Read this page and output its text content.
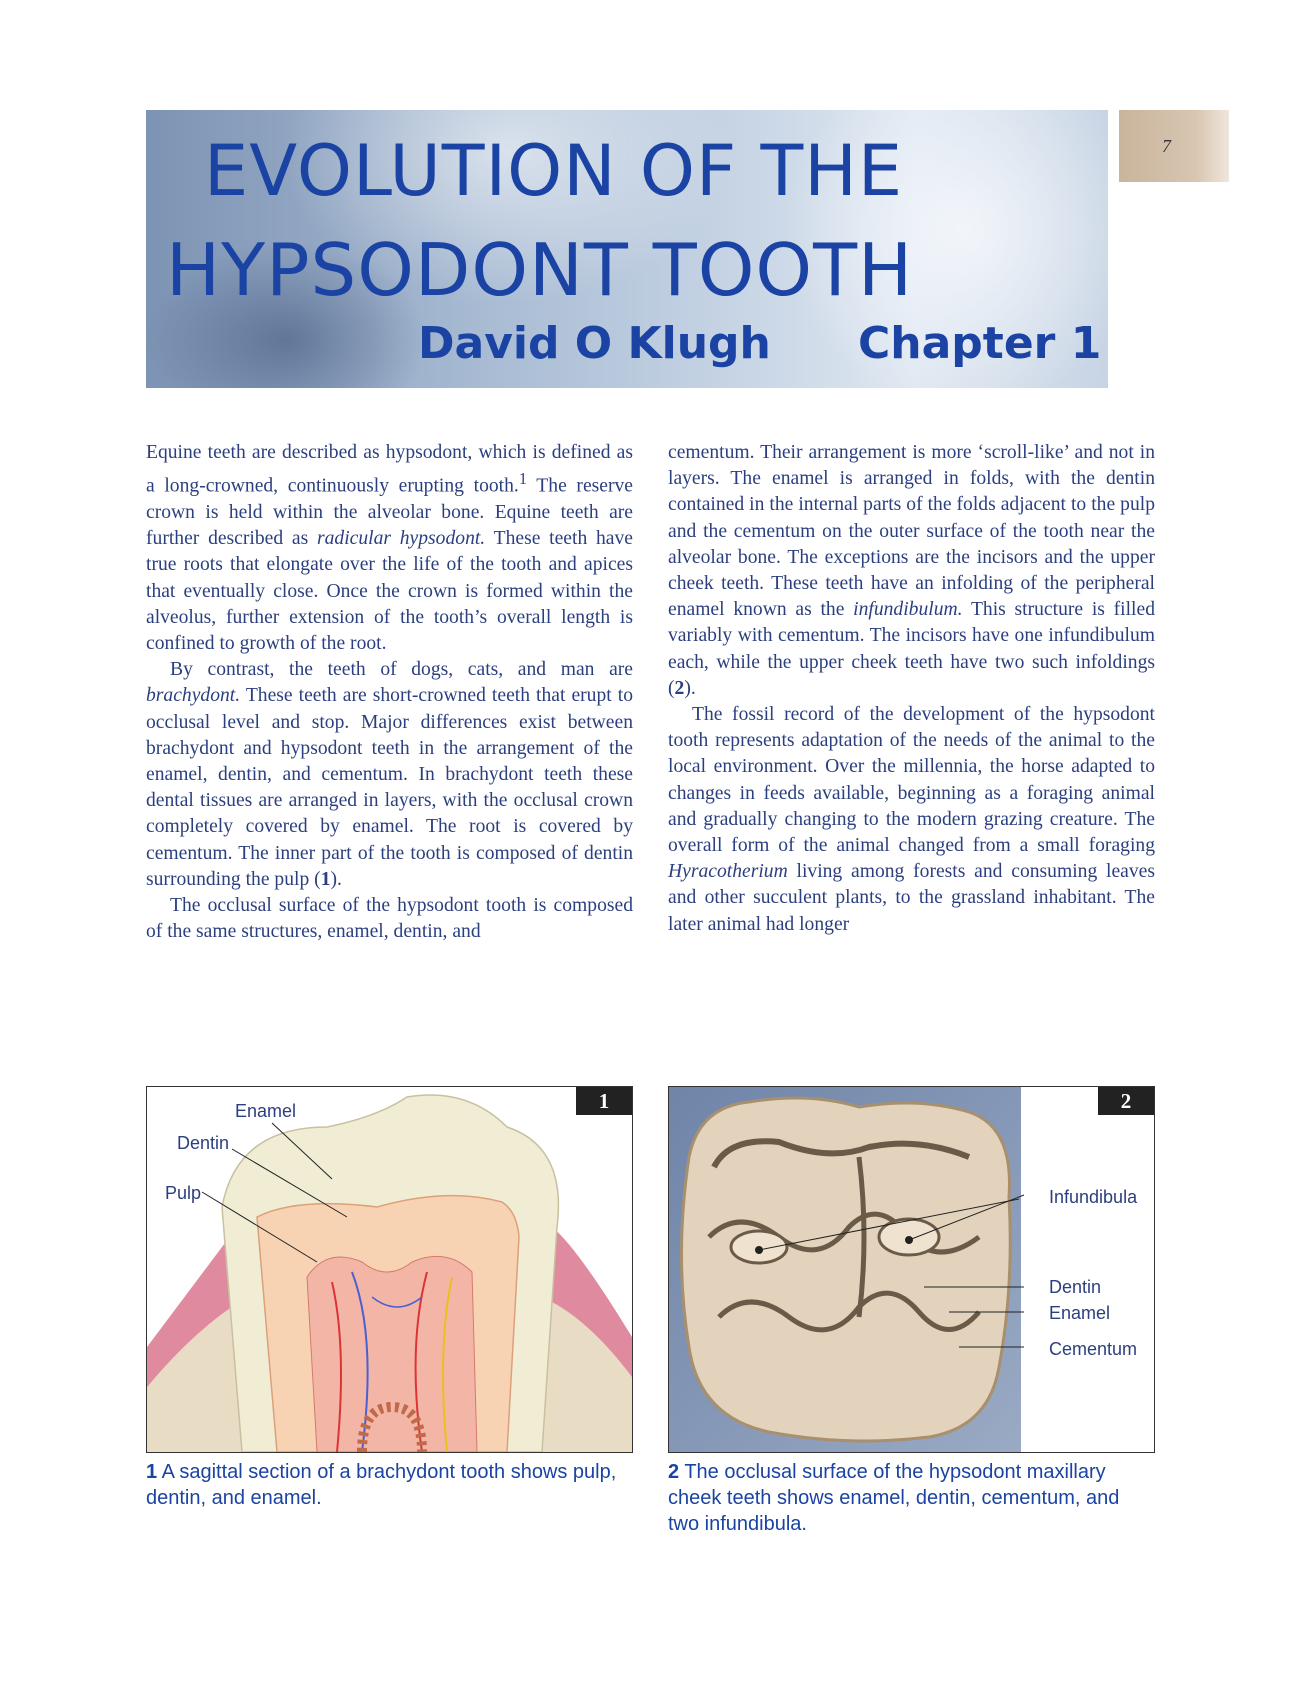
EVOLUTION OF THE
HYPSODONT TOOTH
David O Klugh Chapter 1
7

Equine teeth are described as hypsodont, which is defined as a long-crowned, continuously erupting tooth.$^1$ The reserve crown is held within the alveolar bone. Equine teeth are further described as radicular hypsodont. These teeth have true roots that elongate over the life of the tooth and apices that eventually close. Once the crown is formed within the alveolus, further extension of the tooth’s overall length is confined to growth of the root.

By contrast, the teeth of dogs, cats, and man are brachydont. These teeth are short-crowned teeth that erupt to occlusal level and stop. Major differences exist between brachydont and hypsodont teeth in the arrangement of the enamel, dentin, and cementum. In brachydont teeth these dental tissues are arranged in layers, with the occlusal crown completely covered by enamel. The root is covered by cementum. The inner part of the tooth is composed of dentin surrounding the pulp (1).

The occlusal surface of the hypsodont tooth is composed of the same structures, enamel, dentin, and

cementum. Their arrangement is more ‘scroll-like’ and not in layers. The enamel is arranged in folds, with the dentin contained in the internal parts of the folds adjacent to the pulp and the cementum on the outer surface of the tooth near the alveolar bone. The exceptions are the incisors and the upper cheek teeth. These teeth have an infolding of the peripheral enamel known as the infundibulum. This structure is filled variably with cementum. The incisors have one infundibulum each, while the upper cheek teeth have two such infoldings (2).

The fossil record of the development of the hypsodont tooth represents adaptation of the needs of the animal to the local environment. Over the millennia, the horse adapted to changes in feeds available, beginning as a foraging animal and gradually changing to the modern grazing creature. The overall form of the animal changed from a small foraging Hyracotherium living among forests and consuming leaves and other succulent plants, to the grassland inhabitant. The later animal had longer

1
Enamel
Dentin
Pulp
1 A sagittal section of a brachydont tooth shows pulp, dentin, and enamel.
2
Infundibula
Dentin
Enamel
Cementum
2 The occlusal surface of the hypsodont maxillary cheek teeth shows enamel, dentin, cementum, and two infundibula.
